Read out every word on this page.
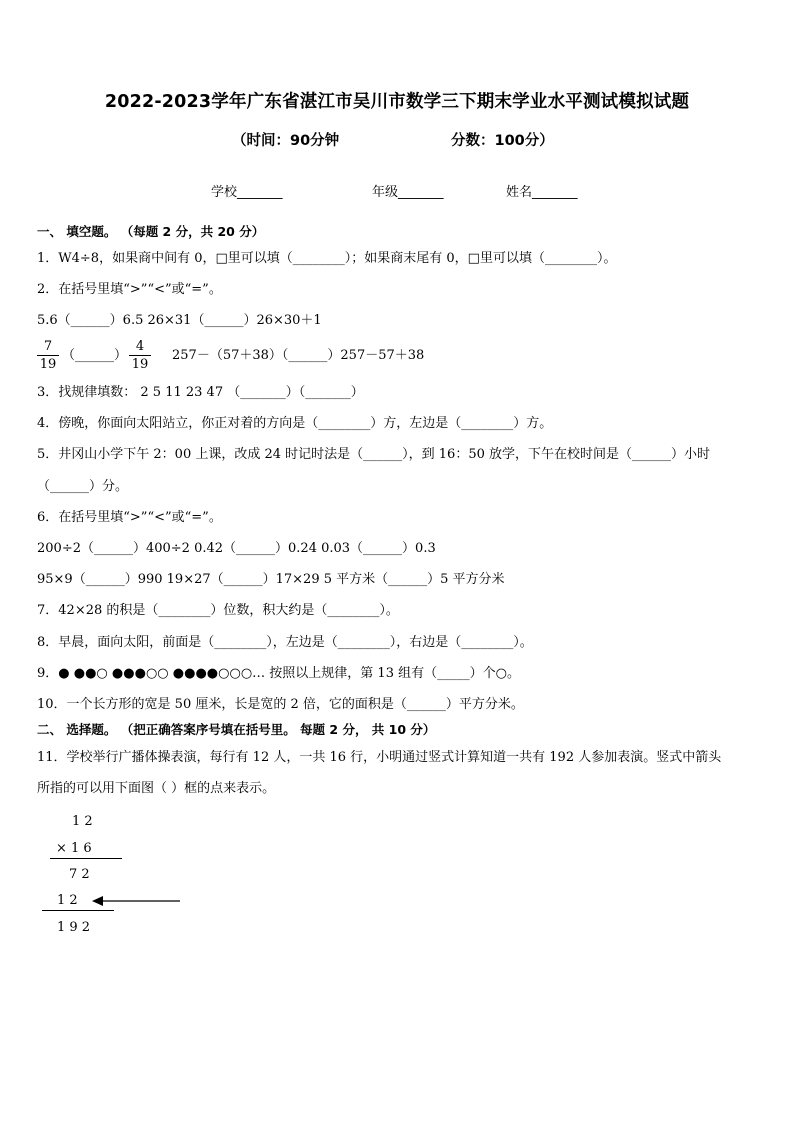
2022-2023学年广东省湛江市吴川市数学三下期末学业水平测试模拟试题
（时间：90分钟	分数：100分）
学校_______	年级_______	姓名_______
一、 填空题。 （每题 2 分，共 20 分）
1．W4÷8，如果商中间有 0，□里可以填（________）；如果商末尾有 0，□里可以填（________）。
2．在括号里填“>”“<”或“=”。
5.6（______）6.5 26×31（______）26×30＋1
$\frac{7}{19}$ （______） $\frac{4}{19}$ 257－（57＋38）（______）257－57＋38
3．找规律填数： 2 5 11 23 47 （_______）（_______）
4．傍晚，你面向太阳站立，你正对着的方向是（________）方，左边是（________）方。
5．井冈山小学下午 2：00 上课，改成 24 时记时法是（______），到 16：50 放学，下午在校时间是（______）小时
（______）分。
6．在括号里填“>”“<”或“=”。
200÷2（______）400÷2 0.42（______）0.24 0.03（______）0.3
95×9（______）990 19×27（______）17×29 5 平方米（______）5 平方分米
7．42×28 的积是（________）位数，积大约是（________）。
8．早晨，面向太阳，前面是（________），左边是（________），右边是（________）。
9．● ●●○ ●●●○○ ●●●●○○○… 按照以上规律，第 13 组有（_____）个○。
10．一个长方形的宽是 50 厘米，长是宽的 2 倍，它的面积是（______）平方分米。
二、 选择题。 （把正确答案序号填在括号里。 每题 2 分， 共 10 分）
11．学校举行广播体操表演，每行有 12 人，一共 16 行，小明通过竖式计算知道一共有 192 人参加表演。竖式中箭头
所指的可以用下面图（ ）框的点来表示。
1 2
× 1 6
7 2
1 2
1 9 2
